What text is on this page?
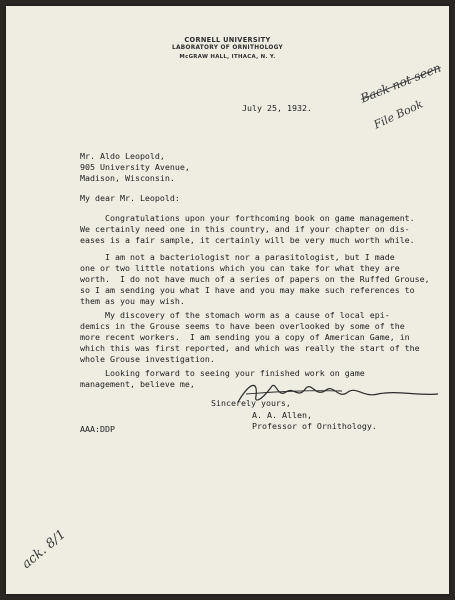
CORNELL UNIVERSITY
LABORATORY OF ORNITHOLOGY
McGRAW HALL, ITHACA, N. Y.
Back not seen
File Book
July 25, 1932.
Mr. Aldo Leopold,
905 University Avenue,
Madison, Wisconsin.
My dear Mr. Leopold:
Congratulations upon your forthcoming book on game management.
We certainly need one in this country, and if your chapter on dis-
eases is a fair sample, it certainly will be very much worth while.
I am not a bacteriologist nor a parasitologist, but I made
one or two little notations which you can take for what they are
worth.  I do not have much of a series of papers on the Ruffed Grouse,
so I am sending you what I have and you may make such references to
them as you may wish.
My discovery of the stomach worm as a cause of local epi-
demics in the Grouse seems to have been overlooked by some of the
more recent workers.  I am sending you a copy of American Game, in
which this was first reported, and which was really the start of the
whole Grouse investigation.
Looking forward to seeing your finished work on game
management, believe me,
Sincerely yours,
A. A. Allen,
Professor of Ornithology.
AAA:DDP
ack. 8/1
